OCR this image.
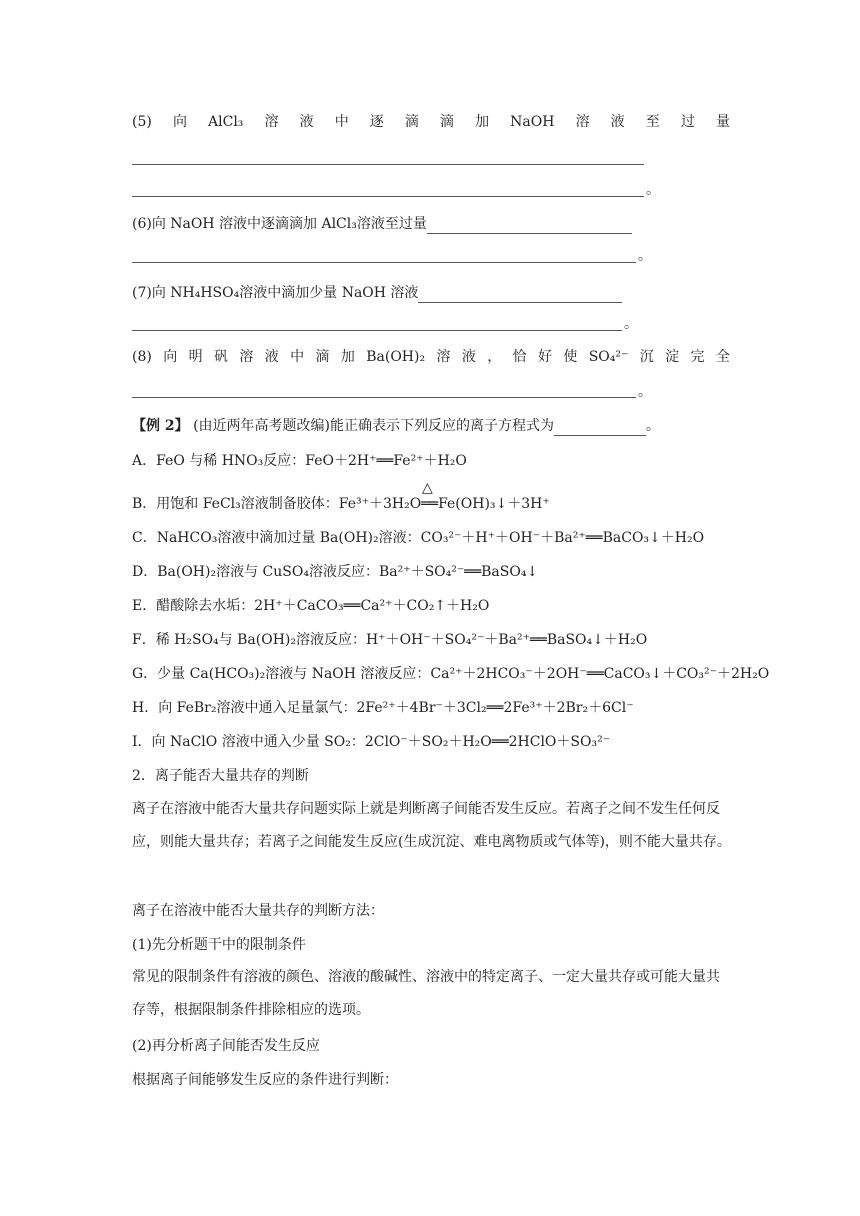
(5) 向 AlCl₃ 溶 液 中 逐 滴 滴 加 NaOH 溶 液 至 过 量
。
(6)向 NaOH 溶液中逐滴滴加 AlCl₃溶液至过量
。
(7)向 NH₄HSO₄溶液中滴加少量 NaOH 溶液
。
(8) 向 明 矾 溶 液 中 滴 加 Ba(OH)₂ 溶 液 ， 恰 好 使 SO₄²⁻ 沉 淀 完 全
。
【例 2】 (由近两年高考题改编)能正确表示下列反应的离子方程式为	。
A．FeO 与稀 HNO₃反应：FeO＋2H⁺══Fe²⁺＋H₂O
B．用饱和 FeCl₃溶液制备胶体：Fe³⁺＋3H₂O══Fe(OH)₃↓＋3H⁺
△
C．NaHCO₃溶液中滴加过量 Ba(OH)₂溶液：CO₃²⁻＋H⁺＋OH⁻＋Ba²⁺══BaCO₃↓＋H₂O
D．Ba(OH)₂溶液与 CuSO₄溶液反应：Ba²⁺＋SO₄²⁻══BaSO₄↓
E．醋酸除去水垢：2H⁺＋CaCO₃══Ca²⁺＋CO₂↑＋H₂O
F．稀 H₂SO₄与 Ba(OH)₂溶液反应：H⁺＋OH⁻＋SO₄²⁻＋Ba²⁺══BaSO₄↓＋H₂O
G．少量 Ca(HCO₃)₂溶液与 NaOH 溶液反应：Ca²⁺＋2HCO₃⁻＋2OH⁻══CaCO₃↓＋CO₃²⁻＋2H₂O
H．向 FeBr₂溶液中通入足量氯气：2Fe²⁺＋4Br⁻＋3Cl₂══2Fe³⁺＋2Br₂＋6Cl⁻
I．向 NaClO 溶液中通入少量 SO₂：2ClO⁻＋SO₂＋H₂O══2HClO＋SO₃²⁻
2．离子能否大量共存的判断
离子在溶液中能否大量共存问题实际上就是判断离子间能否发生反应。若离子之间不发生任何反应，则能大量共存；若离子之间能发生反应(生成沉淀、难电离物质或气体等)，则不能大量共存。
离子在溶液中能否大量共存的判断方法：
(1)先分析题干中的限制条件
常见的限制条件有溶液的颜色、溶液的酸碱性、溶液中的特定离子、一定大量共存或可能大量共存等，根据限制条件排除相应的选项。
(2)再分析离子间能否发生反应
根据离子间能够发生反应的条件进行判断：
